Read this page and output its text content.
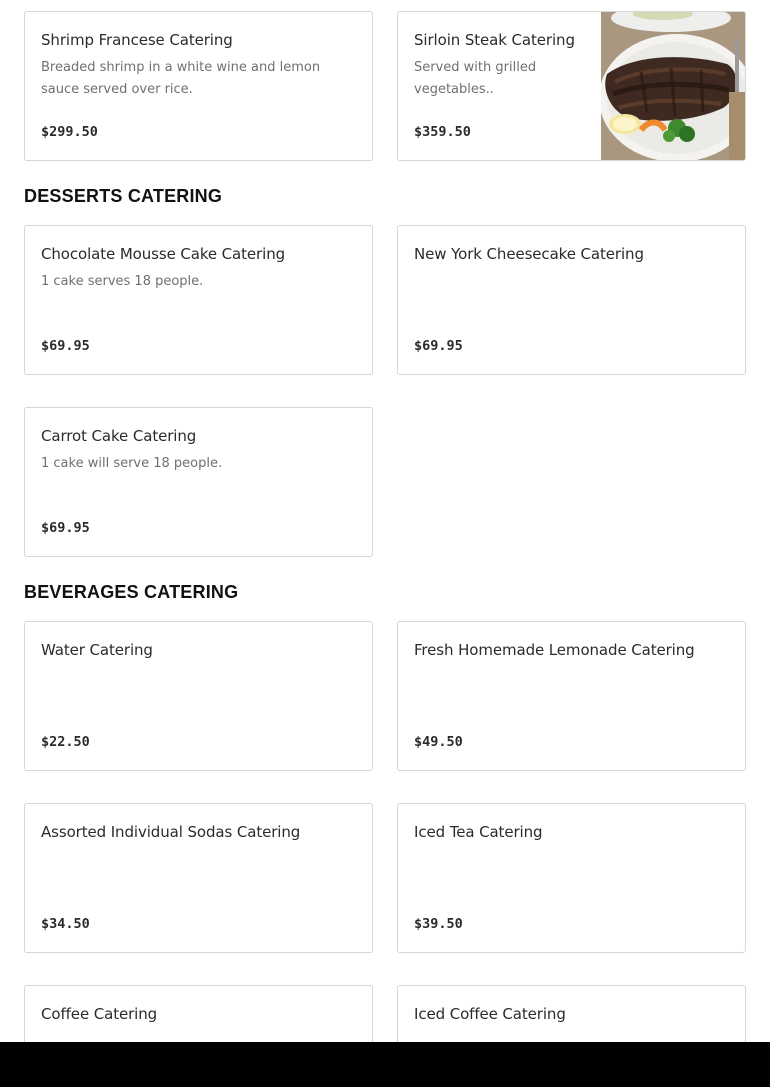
Shrimp Francese Catering
Breaded shrimp in a white wine and lemon sauce served over rice.
$299.50
Sirloin Steak Catering
Served with grilled vegetables..
$359.50
DESSERTS CATERING
Chocolate Mousse Cake Catering
1 cake serves 18 people.
$69.95
New York Cheesecake Catering
$69.95
Carrot Cake Catering
1 cake will serve 18 people.
$69.95
BEVERAGES CATERING
Water Catering
$22.50
Fresh Homemade Lemonade Catering
$49.50
Assorted Individual Sodas Catering
$34.50
Iced Tea Catering
$39.50
Coffee Catering	Iced Coffee Catering
